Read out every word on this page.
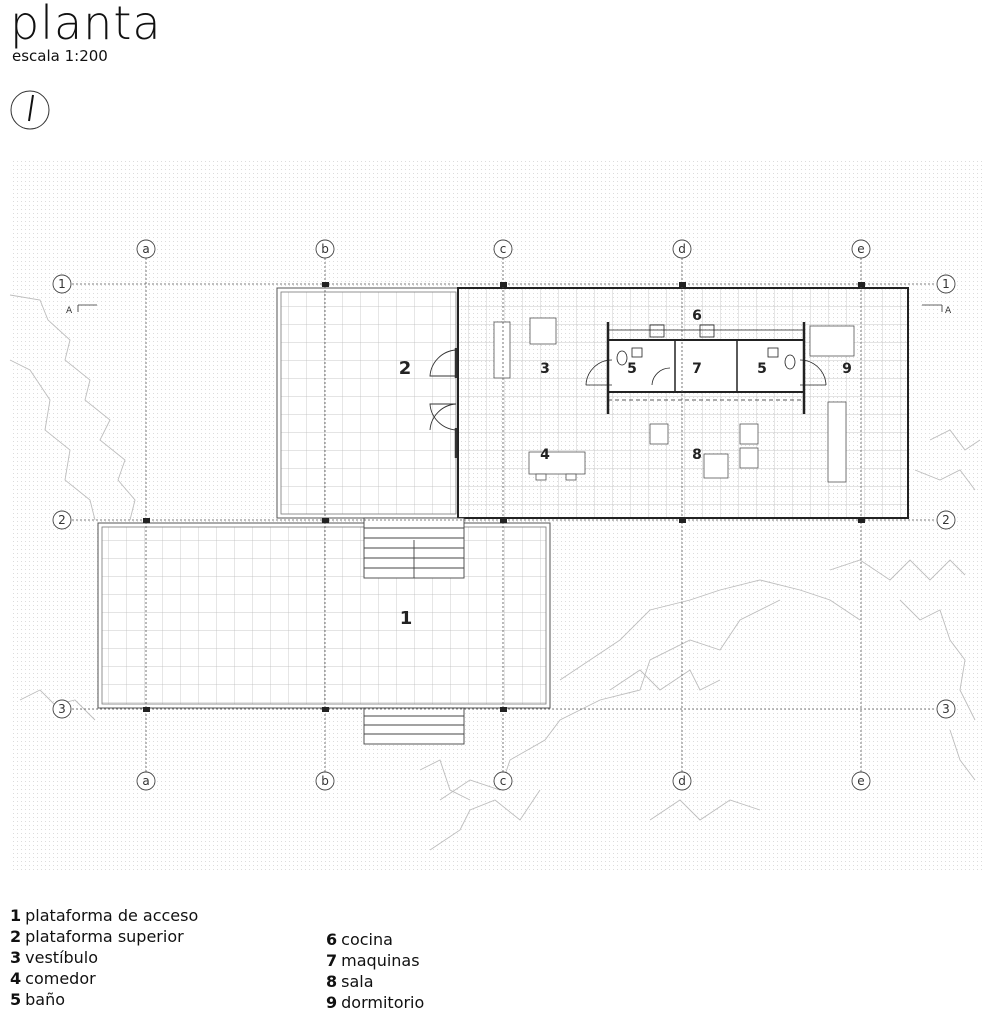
planta
escala 1:200
A	A
a	b	c	d	e
a	b	c	d	e
1	1
2	2
3	3
1
2	3
4
5
6
7	5
8
9
1 plataforma de acceso
2 plataforma superior
3 vestíbulo
4 comedor
5 baño
6 cocina
7 maquinas
8 sala
9 dormitorio
